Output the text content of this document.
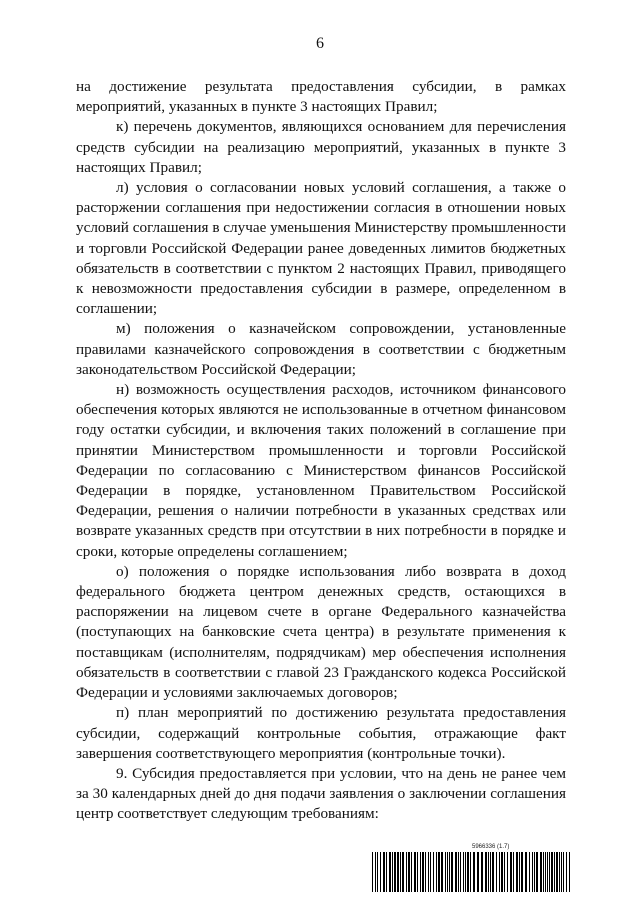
6

на достижение результата предоставления субсидии, в рамках мероприятий, указанных в пункте 3 настоящих Правил;

к) перечень документов, являющихся основанием для перечисления средств субсидии на реализацию мероприятий, указанных в пункте 3 настоящих Правил;

л) условия о согласовании новых условий соглашения, а также о расторжении соглашения при недостижении согласия в отношении новых условий соглашения в случае уменьшения Министерству промышленности и торговли Российской Федерации ранее доведенных лимитов бюджетных обязательств в соответствии с пунктом 2 настоящих Правил, приводящего к невозможности предоставления субсидии в размере, определенном в соглашении;

м) положения о казначейском сопровождении, установленные правилами казначейского сопровождения в соответствии с бюджетным законодательством Российской Федерации;

н) возможность осуществления расходов, источником финансового обеспечения которых являются не использованные в отчетном финансовом году остатки субсидии, и включения таких положений в соглашение при принятии Министерством промышленности и торговли Российской Федерации по согласованию с Министерством финансов Российской Федерации в порядке, установленном Правительством Российской Федерации, решения о наличии потребности в указанных средствах или возврате указанных средств при отсутствии в них потребности в порядке и сроки, которые определены соглашением;

о) положения о порядке использования либо возврата в доход федерального бюджета центром денежных средств, остающихся в распоряжении на лицевом счете в органе Федерального казначейства (поступающих на банковские счета центра) в результате применения к поставщикам (исполнителям, подрядчикам) мер обеспечения исполнения обязательств в соответствии с главой 23 Гражданского кодекса Российской Федерации и условиями заключаемых договоров;

п) план мероприятий по достижению результата предоставления субсидии, содержащий контрольные события, отражающие факт завершения соответствующего мероприятия (контрольные точки).

9. Субсидия предоставляется при условии, что на день не ранее чем за 30 календарных дней до дня подачи заявления о заключении соглашения центр соответствует следующим требованиям:

5966336 (1.7)
